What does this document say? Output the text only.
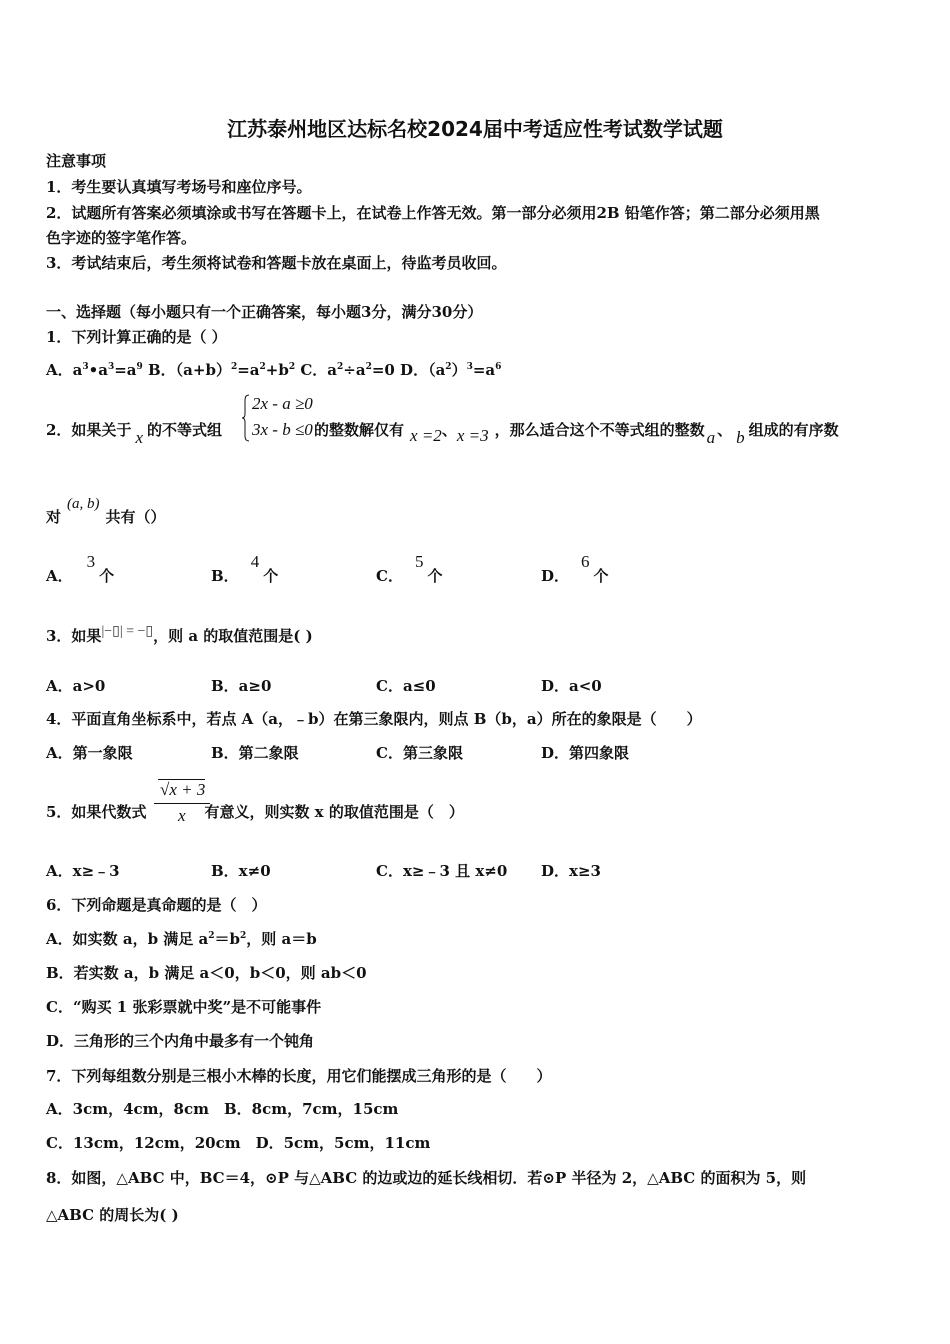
江苏泰州地区达标名校2024届中考适应性考试数学试题
注意事项
1．考生要认真填写考场号和座位序号。
2．试题所有答案必须填涂或书写在答题卡上，在试卷上作答无效。第一部分必须用2B 铅笔作答；第二部分必须用黑
色字迹的签字笔作答。
3．考试结束后，考生须将试卷和答题卡放在桌面上，待监考员收回。
一、选择题（每小题只有一个正确答案，每小题3分，满分30分）
1．下列计算正确的是（ ）
A．$a^3•a^3=a^9$ B．$(a+b)^2=a^2+b^2$ C．$a^2\div a^2=0$ D．$(a^2)^3=a^6$
2．如果关于 x 的不等式组	的整数解仅有 x =2、x =3 ，那么适合这个不等式组的整数 a 、 b 组成的有序数
2x - a ≥0
3x - b ≤0
对(a, b)共有（）
A．3个	B．4个	C．5个	D．6个
3．如果|−▯| = −▯，则 a 的取值范围是( )
A．a>0	B．a≥0	C．a≤0	D．a<0
4．平面直角坐标系中，若点 A（a，﹣b）在第三象限内，则点 B（b，a）所在的象限是（　　）
A．第一象限	B．第二象限	C．第三象限	D．第四象限
5．如果代数式	有意义，则实数 x 的取值范围是（　）
√x + 3
x
A．x≥﹣3	B．x≠0	C．x≥﹣3 且 x≠0 D．x≥3
6．下列命题是真命题的是（　）
A．如实数 a，b 满足 $a^2=b^2$，则 a＝b
B．若实数 a，b 满足 a＜0，b＜0，则 ab＜0
C．“购买 1 张彩票就中奖”是不可能事件
D．三角形的三个内角中最多有一个钝角
7．下列每组数分别是三根小木棒的长度，用它们能摆成三角形的是（　　）
A．3cm，4cm，8cm　B．8cm，7cm，15cm
C．13cm，12cm，20cm　D．5cm，5cm，11cm
8．如图，△ABC 中，BC＝4，⊙P 与△ABC 的边或边的延长线相切．若⊙P 半径为 2，△ABC 的面积为 5，则
△ABC 的周长为( )
